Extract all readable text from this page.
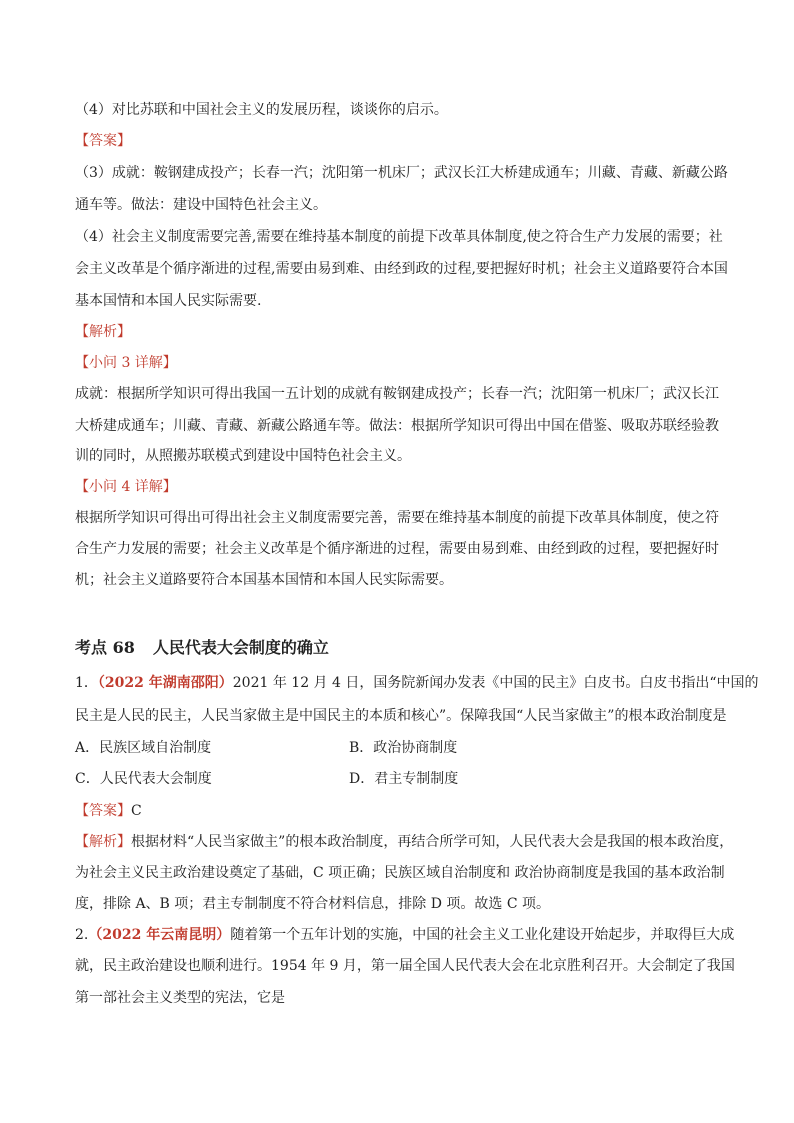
（4）对比苏联和中国社会主义的发展历程，谈谈你的启示。
【答案】
（3）成就：鞍钢建成投产；长春一汽；沈阳第一机床厂；武汉长江大桥建成通车；川藏、青藏、新藏公路
通车等。做法：建设中国特色社会主义。
（4）社会主义制度需要完善,需要在维持基本制度的前提下改革具体制度,使之符合生产力发展的需要；社
会主义改革是个循序渐进的过程,需要由易到难、由经到政的过程,要把握好时机；社会主义道路要符合本国
基本国情和本国人民实际需要.
【解析】
【小问 3 详解】
成就：根据所学知识可得出我国一五计划的成就有鞍钢建成投产；长春一汽；沈阳第一机床厂；武汉长江
大桥建成通车；川藏、青藏、新藏公路通车等。做法：根据所学知识可得出中国在借鉴、吸取苏联经验教
训的同时，从照搬苏联模式到建设中国特色社会主义。
【小问 4 详解】
根据所学知识可得出可得出社会主义制度需要完善，需要在维持基本制度的前提下改革具体制度，使之符
合生产力发展的需要；社会主义改革是个循序渐进的过程，需要由易到难、由经到政的过程，要把握好时
机；社会主义道路要符合本国基本国情和本国人民实际需要。
考点 68 人民代表大会制度的确立
1．（2022 年湖南邵阳）2021 年 12 月 4 日，国务院新闻办发表《中国的民主》白皮书。白皮书指出“中国的
民主是人民的民主，人民当家做主是中国民主的本质和核心”。保障我国“人民当家做主”的根本政治制度是
A．民族区域自治制度	B．政治协商制度
C．人民代表大会制度	D．君主专制制度
【答案】C
【解析】根据材料“人民当家做主”的根本政治制度，再结合所学可知，人民代表大会是我国的根本政治度，
为社会主义民主政治建设奠定了基础，C 项正确；民族区域自治制度和 政治协商制度是我国的基本政治制
度，排除 A、B 项；君主专制制度不符合材料信息，排除 D 项。故选 C 项。
2.（2022 年云南昆明）随着第一个五年计划的实施，中国的社会主义工业化建设开始起步，并取得巨大成
就，民主政治建设也顺利进行。1954 年 9 月，第一届全国人民代表大会在北京胜利召开。大会制定了我国
第一部社会主义类型的宪法，它是
